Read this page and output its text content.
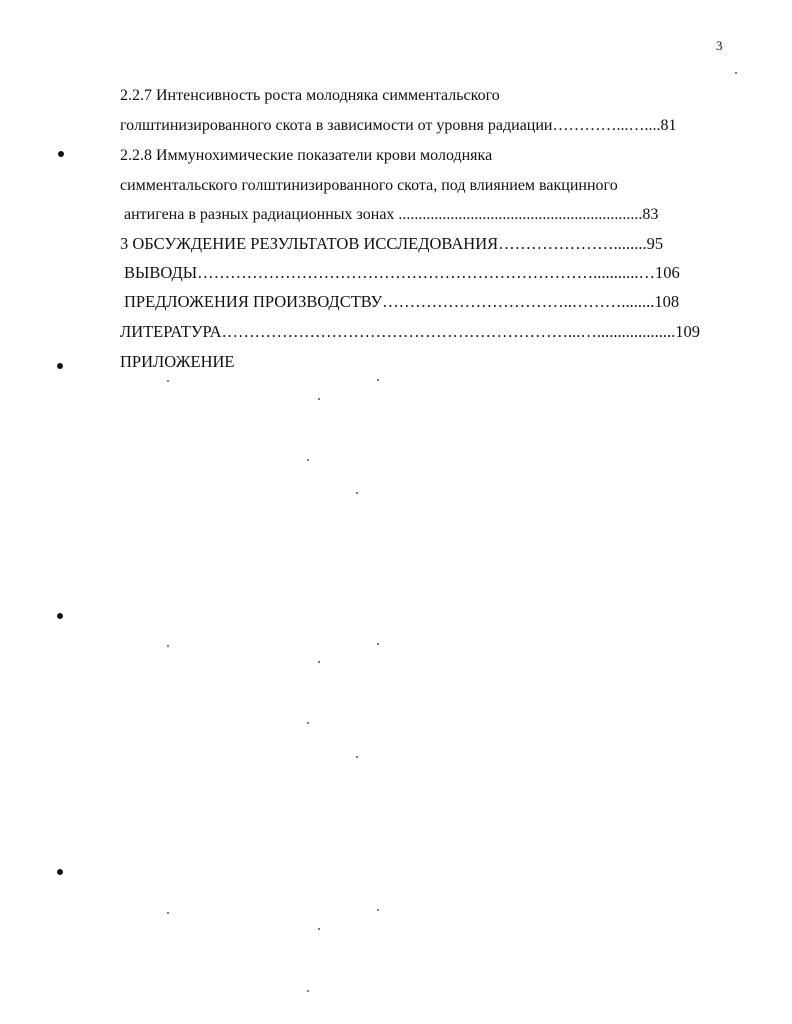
3
2.2.7 Интенсивность роста молодняка симментальского
голштинизированного скота в зависимости от уровня радиации…………...…....81
2.2.8 Иммунохимические показатели крови молодняка
симментальского голштинизированного скота, под влиянием вакцинного
антигена в разных радиационных зонах .............................................................83
3 ОБСУЖДЕНИЕ РЕЗУЛЬТАТОВ ИССЛЕДОВАНИЯ…………………........95
ВЫВОДЫ………………………………………………………………...........…106
ПРЕДЛОЖЕНИЯ ПРОИЗВОДСТВУ……………………………..………........108
ЛИТЕРАТУРА………………………………………………………...…...................109
ПРИЛОЖЕНИЕ
